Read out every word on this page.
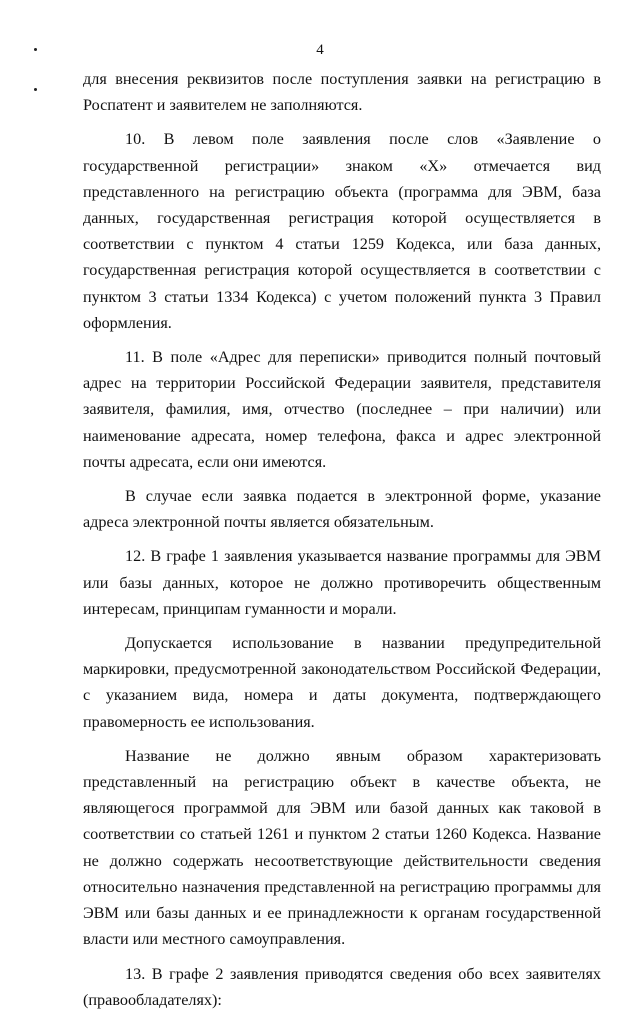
4

для внесения реквизитов после поступления заявки на регистрацию в Роспатент и заявителем не заполняются.

10. В левом поле заявления после слов «Заявление о государственной регистрации» знаком «Х» отмечается вид представленного на регистрацию объекта (программа для ЭВМ, база данных, государственная регистрация которой осуществляется в соответствии с пунктом 4 статьи 1259 Кодекса, или база данных, государственная регистрация которой осуществляется в соответствии с пунктом 3 статьи 1334 Кодекса) с учетом положений пункта 3 Правил оформления.

11. В поле «Адрес для переписки» приводится полный почтовый адрес на территории Российской Федерации заявителя, представителя заявителя, фамилия, имя, отчество (последнее – при наличии) или наименование адресата, номер телефона, факса и адрес электронной почты адресата, если они имеются.

В случае если заявка подается в электронной форме, указание адреса электронной почты является обязательным.

12. В графе 1 заявления указывается название программы для ЭВМ или базы данных, которое не должно противоречить общественным интересам, принципам гуманности и морали.

Допускается использование в названии предупредительной маркировки, предусмотренной законодательством Российской Федерации, с указанием вида, номера и даты документа, подтверждающего правомерность ее использования.

Название не должно явным образом характеризовать представленный на регистрацию объект в качестве объекта, не являющегося программой для ЭВМ или базой данных как таковой в соответствии со статьей 1261 и пунктом 2 статьи 1260 Кодекса. Название не должно содержать несоответствующие действительности сведения относительно назначения представленной на регистрацию программы для ЭВМ или базы данных и ее принадлежности к органам государственной власти или местного самоуправления.

13. В графе 2 заявления приводятся сведения обо всех заявителях (правообладателях):
